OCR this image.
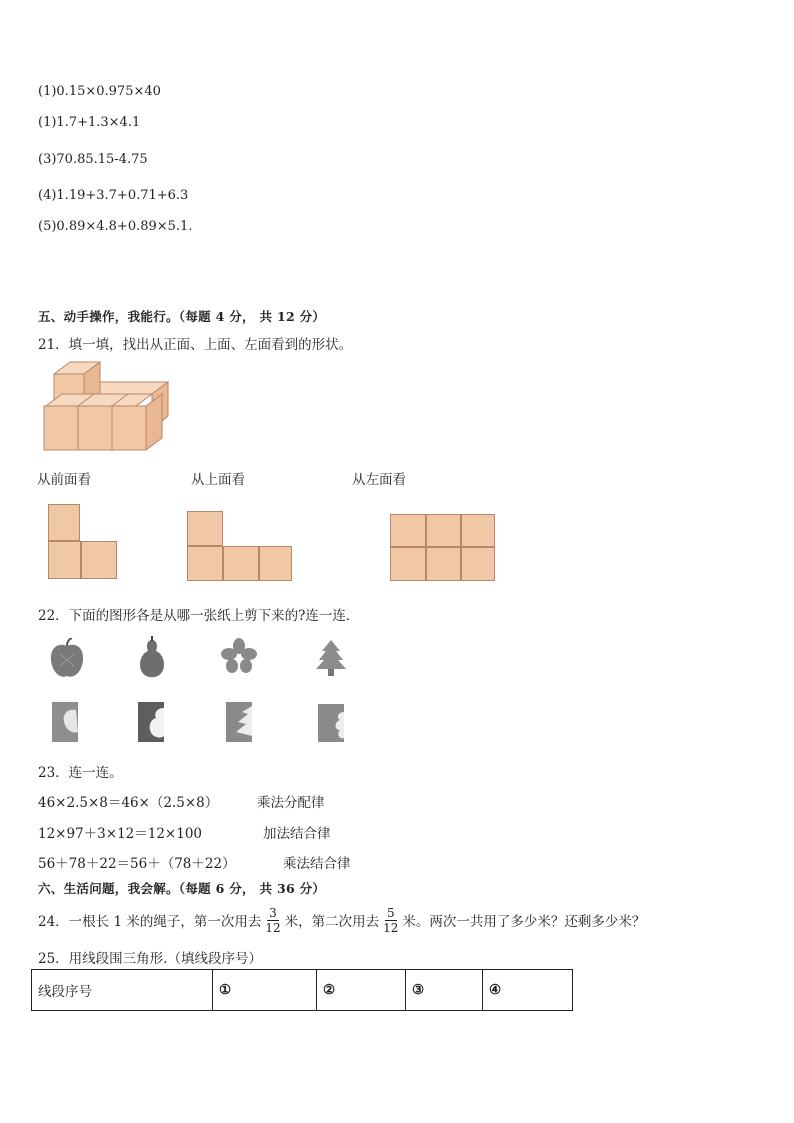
(1)0.15×0.975×40
(1)1.7+1.3×4.1
(3)70.85.15-4.75
(4)1.19+3.7+0.71+6.3
(5)0.89×4.8+0.89×5.1.
五、动手操作，我能行。（每题 4 分， 共 12 分）
21．填一填，找出从正面、上面、左面看到的形状。
从前面看	从上面看	从左面看
22．下面的图形各是从哪一张纸上剪下来的?连一连．
23．连一连。
46×2.5×8＝46×（2.5×8）
12×97＋3×12＝12×100
56＋78＋22＝56＋（78＋22）
乘法分配律
加法结合律
乘法结合律
六、生活问题，我会解。（每题 6 分， 共 36 分）
24．一根长 1 米的绳子，第一次用去 $\frac{3}{12}$ 米，第二次用去 $\frac{5}{12}$ 米。两次一共用了多少米？还剩多少米？
25．用线段围三角形.（填线段序号）
线段序号	①	②	③	④
